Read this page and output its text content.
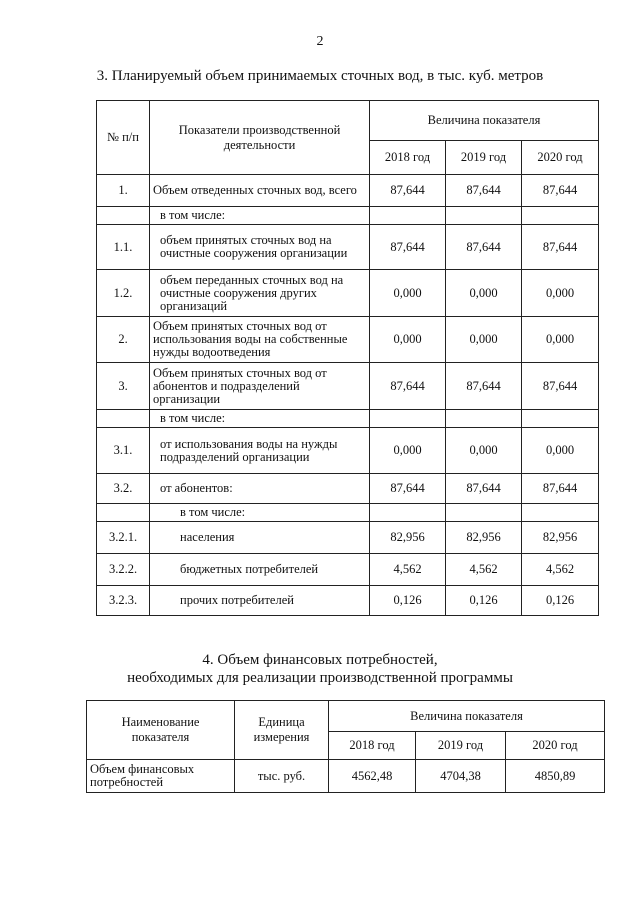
2
3. Планируемый объем принимаемых сточных вод, в тыс. куб. метров
№ п/п	Показатели производственной деятельности	Величина показателя		
		2018 год	2019 год	2020 год
1.	Объем отведенных сточных вод, всего	87,644	87,644	87,644
	в том числе:			
1.1.	объем принятых сточных вод на очистные сооружения организации	87,644	87,644	87,644
1.2.	объем переданных сточных вод на очистные сооружения других организаций	0,000	0,000	0,000
2.	Объем принятых сточных вод от использования воды на собственные нужды водоотведения	0,000	0,000	0,000
3.	Объем принятых сточных вод от абонентов и подразделений организации	87,644	87,644	87,644
	в том числе:			
3.1.	от использования воды на нужды подразделений организации	0,000	0,000	0,000
3.2.	от абонентов:	87,644	87,644	87,644
	в том числе:			
3.2.1.	населения	82,956	82,956	82,956
3.2.2.	бюджетных потребителей	4,562	4,562	4,562
3.2.3.	прочих потребителей	0,126	0,126	0,126
4. Объем финансовых потребностей,
необходимых для реализации производственной программы
Наименование показателя	Единица измерения	Величина показателя		
		2018 год	2019 год	2020 год
Объем финансовых потребностей	тыс. руб.	4562,48	4704,38	4850,89
